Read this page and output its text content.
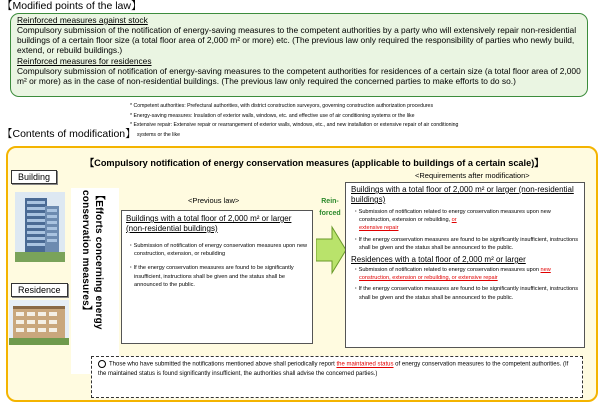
【Modified points of the law】
Reinforced measures against stock
Compulsory submission of the notification of energy-saving measures to the competent authorities by a party who will extensively repair non-residential buildings of a certain floor size (a total floor area of 2,000 m² or more) etc. (The previous law only required the responsibility of parties who newly build, extend, or rebuild buildings.)
Reinforced measures for residences
Compulsory submission of notification of energy-saving measures to the competent authorities for residences of a certain size (a total floor area of 2,000 m² or more) as in the case of non-residential buildings. (The previous law only required the concerned parties to make efforts to do so.)
* Competent authorities: Prefectural authorities, with district construction surveyors, governing construction authorization procedures
* Energy-saving measures: Insulation of exterior walls, windows, etc. and effective use of air conditioning systems or the like
* Extensive repair: Extensive repair or rearrangement of exterior walls, windows, etc., and new installation or extensive repair of air conditioning
systems or the like
【Contents of modification】
【Compulsory notification of energy conservation measures (applicable to buildings of a certain scale)】
Building
Residence	【Efforts concerning energy conservation measures】	<Previous law>
Buildings with a total floor of 2,000 m² or larger (non-residential buildings)
・Submission of notification of energy conservation measures upon new construction, extension, or rebuilding
・If the energy conservation measures are found to be significantly insufficient, instructions shall be given and the status shall be announced to the public.
Rein-forced
<Requirements after modification>
Buildings with a total floor of 2,000 m² or larger (non-residential buildings)
・Submission of notification related to energy conservation measures upon new construction, extension or rebuilding, or
extensive repair
・If the energy conservation measures are found to be significantly insufficient, instructions shall be given and the status shall be announced to the public.
Residences with a total floor of 2,000 m² or larger
・Submission of notification related to energy conservation measures upon new construction, extension or rebuilding, or extensive repair
・If the energy conservation measures are found to be significantly insufficient, instructions shall be given and the status shall be announced to the public.
Those who have submitted the notifications mentioned above shall periodically report the maintained status of energy conservation measures to the competent authorities. (If the maintained status is found significantly insufficient, the authorities shall advise the concerned parties.)
